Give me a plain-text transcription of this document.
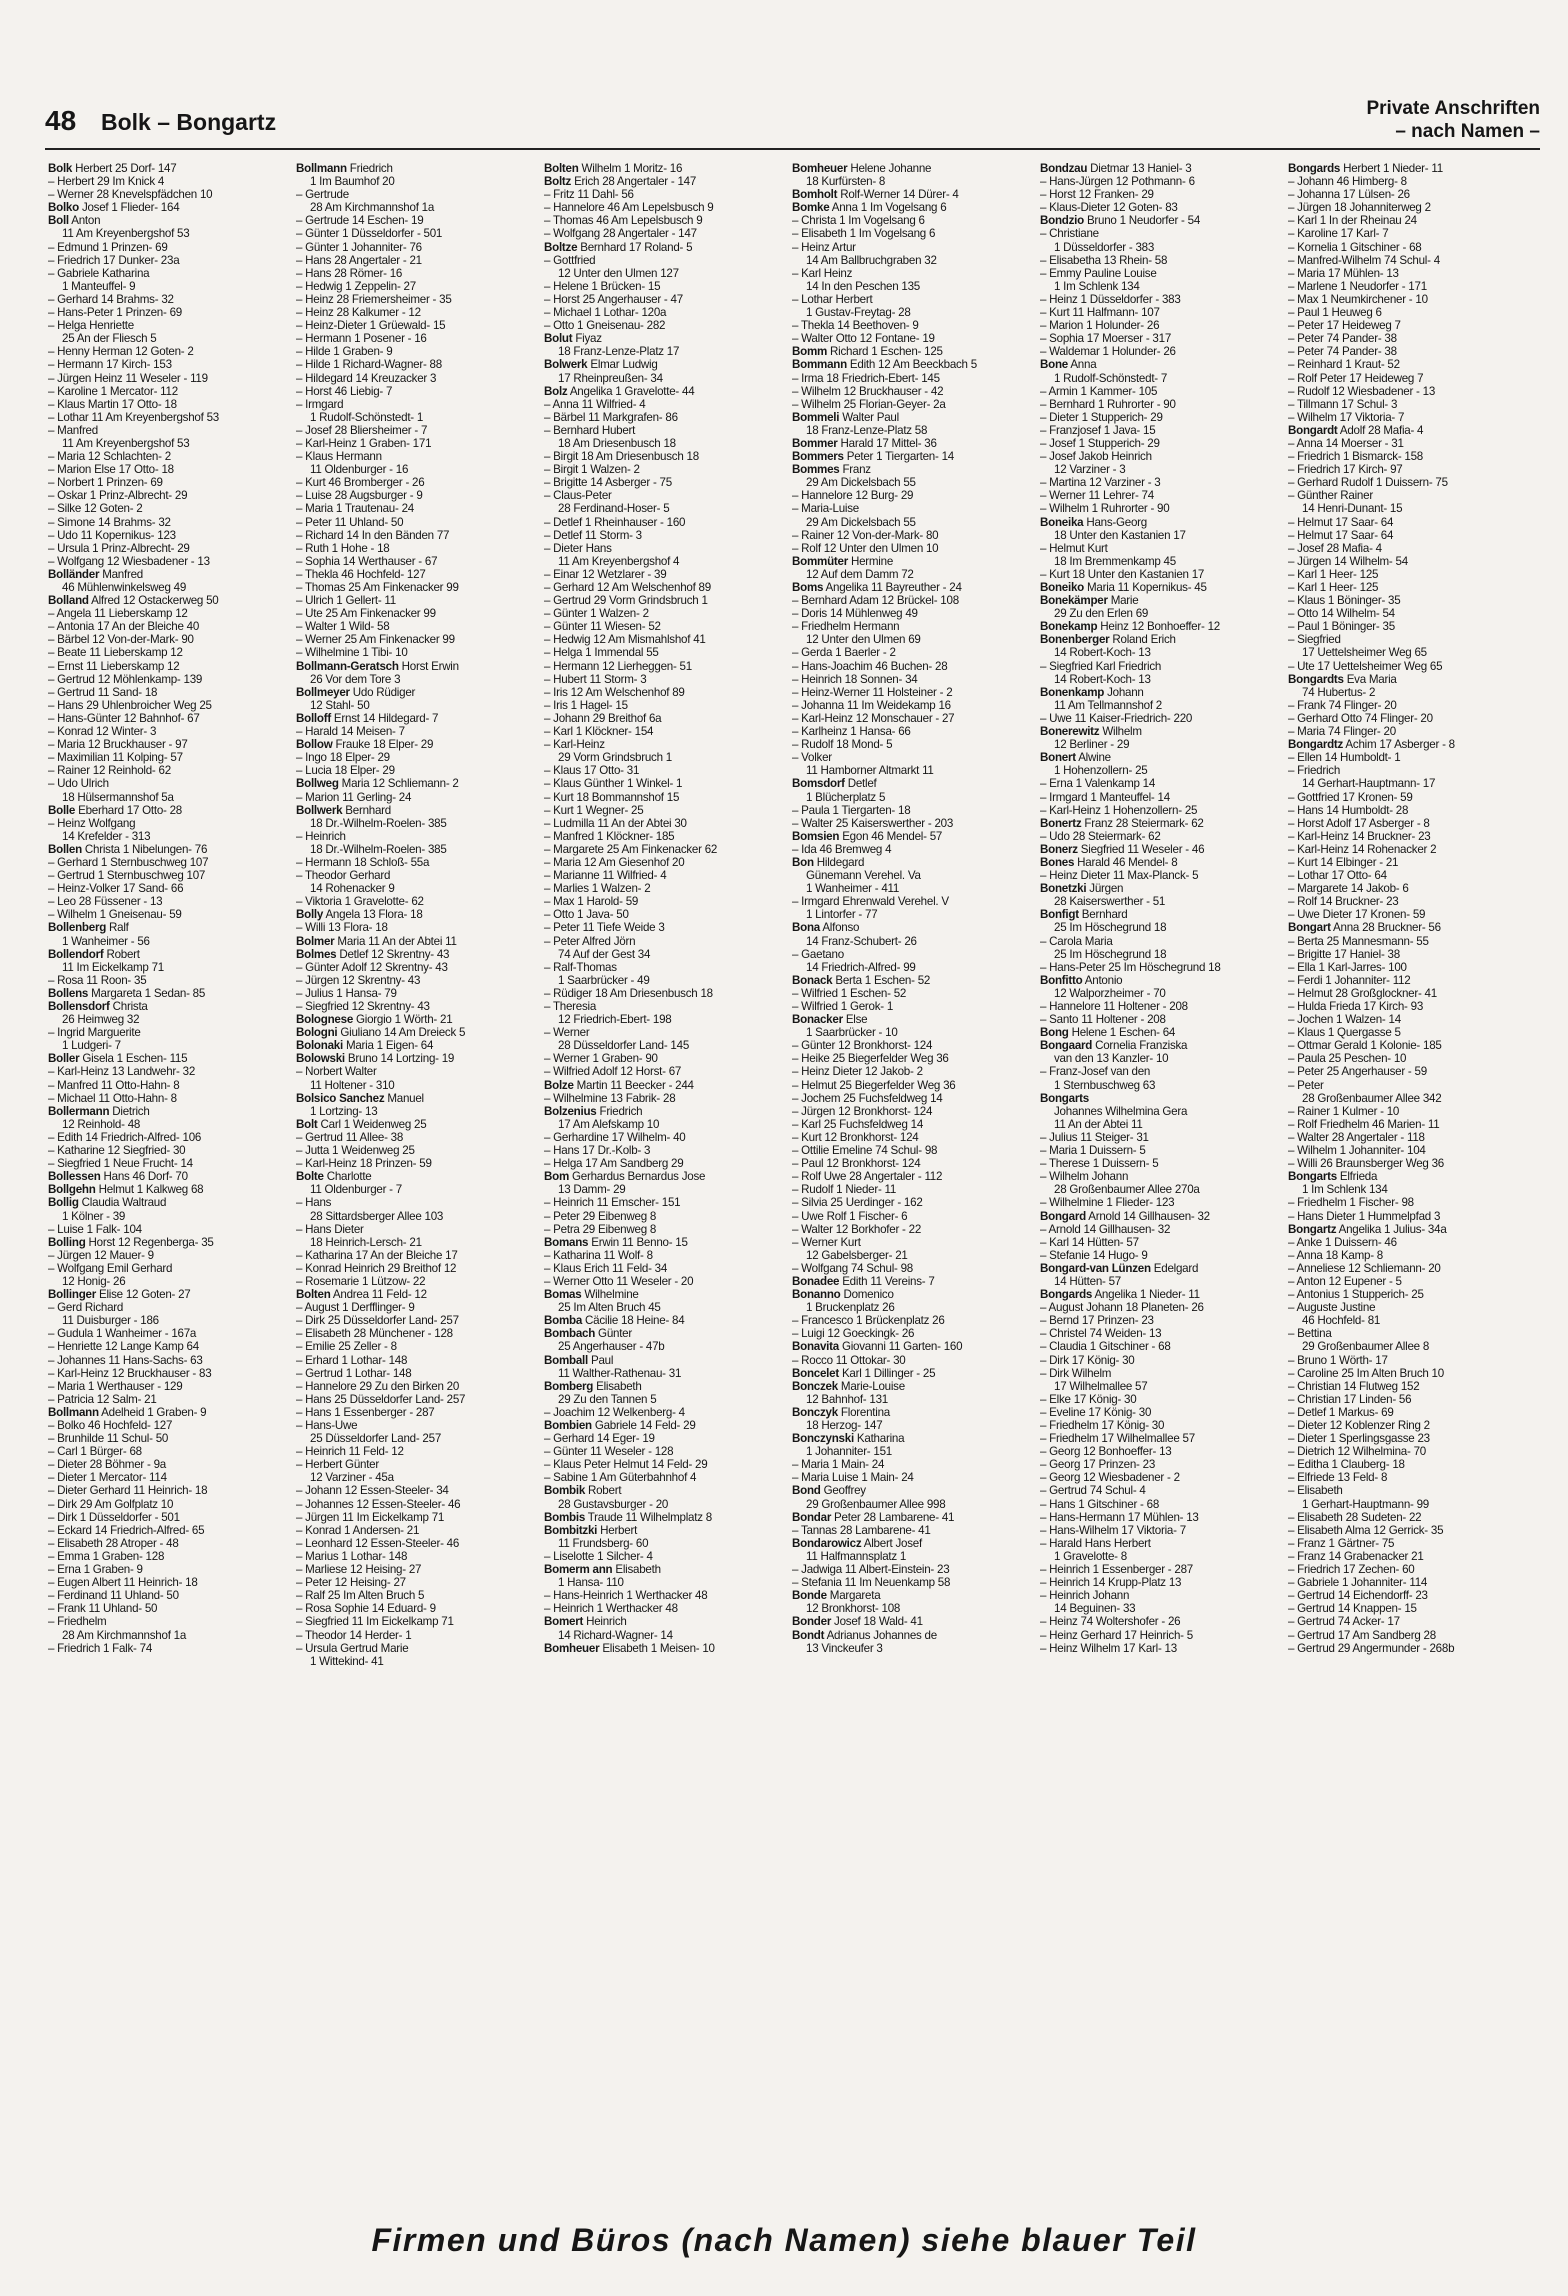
48 Bolk – Bongartz
Private Anschriften
– nach Namen –

Bolk Herbert 25 Dorf- 147

– Herbert 29 Im Knick 4

– Werner 28 Knevelspfädchen 10

Bolko Josef 1 Flieder- 164

Boll Anton

11 Am Kreyenbergshof 53

– Edmund 1 Prinzen- 69

– Friedrich 17 Dunker- 23a

– Gabriele Katharina

1 Manteuffel- 9

– Gerhard 14 Brahms- 32

– Hans-Peter 1 Prinzen- 69

– Helga Henriette

25 An der Fliesch 5

– Henny Herman 12 Goten- 2

– Hermann 17 Kirch- 153

– Jürgen Heinz 11 Weseler - 119

– Karoline 1 Mercator- 112

– Klaus Martin 17 Otto- 18

– Lothar 11 Am Kreyenbergshof 53

– Manfred

11 Am Kreyenbergshof 53

– Maria 12 Schlachten- 2

– Marion Else 17 Otto- 18

– Norbert 1 Prinzen- 69

– Oskar 1 Prinz-Albrecht- 29

– Silke 12 Goten- 2

– Simone 14 Brahms- 32

– Udo 11 Kopernikus- 123

– Ursula 1 Prinz-Albrecht- 29

– Wolfgang 12 Wiesbadener - 13

Bolländer Manfred

46 Mühlenwinkelsweg 49

Bolland Alfred 12 Ostackerweg 50

– Angela 11 Lieberskamp 12

– Antonia 17 An der Bleiche 40

– Bärbel 12 Von-der-Mark- 90

– Beate 11 Lieberskamp 12

– Ernst 11 Lieberskamp 12

– Gertrud 12 Möhlenkamp- 139

– Gertrud 11 Sand- 18

– Hans 29 Uhlenbroicher Weg 25

– Hans-Günter 12 Bahnhof- 67

– Konrad 12 Winter- 3

– Maria 12 Bruckhauser - 97

– Maximilian 11 Kolping- 57

– Rainer 12 Reinhold- 62

– Udo Ulrich

18 Hülsermannshof 5a

Bolle Eberhard 17 Otto- 28

– Heinz Wolfgang

14 Krefelder - 313

Bollen Christa 1 Nibelungen- 76

– Gerhard 1 Sternbuschweg 107

– Gertrud 1 Sternbuschweg 107

– Heinz-Volker 17 Sand- 66

– Leo 28 Füssener - 13

– Wilhelm 1 Gneisenau- 59

Bollenberg Ralf

1 Wanheimer - 56

Bollendorf Robert

11 Im Eickelkamp 71

– Rosa 11 Roon- 35

Bollens Margareta 1 Sedan- 85

Bollensdorf Christa

26 Heimweg 32

– Ingrid Marguerite

1 Ludgeri- 7

Boller Gisela 1 Eschen- 115

– Karl-Heinz 13 Landwehr- 32

– Manfred 11 Otto-Hahn- 8

– Michael 11 Otto-Hahn- 8

Bollermann Dietrich

12 Reinhold- 48

– Edith 14 Friedrich-Alfred- 106

– Katharine 12 Siegfried- 30

– Siegfried 1 Neue Frucht- 14

Bollessen Hans 46 Dorf- 70

Bollgehn Helmut 1 Kalkweg 68

Bollig Claudia Waltraud

1 Kölner - 39

– Luise 1 Falk- 104

Bolling Horst 12 Regenberga- 35

– Jürgen 12 Mauer- 9

– Wolfgang Emil Gerhard

12 Honig- 26

Bollinger Elise 12 Goten- 27

– Gerd Richard

11 Duisburger - 186

– Gudula 1 Wanheimer - 167a

– Henriette 12 Lange Kamp 64

– Johannes 11 Hans-Sachs- 63

– Karl-Heinz 12 Bruckhauser - 83

– Maria 1 Werthauser - 129

– Patricia 12 Salm- 21

Bollmann Adelheid 1 Graben- 9

– Bolko 46 Hochfeld- 127

– Brunhilde 11 Schul- 50

– Carl 1 Bürger- 68

– Dieter 28 Böhmer - 9a

– Dieter 1 Mercator- 114

– Dieter Gerhard 11 Heinrich- 18

– Dirk 29 Am Golfplatz 10

– Dirk 1 Düsseldorfer - 501

– Eckard 14 Friedrich-Alfred- 65

– Elisabeth 28 Atroper - 48

– Emma 1 Graben- 128

– Erna 1 Graben- 9

– Eugen Albert 11 Heinrich- 18

– Ferdinand 11 Uhland- 50

– Frank 11 Uhland- 50

– Friedhelm

28 Am Kirchmannshof 1a

– Friedrich 1 Falk- 74

Bollmann Friedrich

1 Im Baumhof 20

– Gertrude

28 Am Kirchmannshof 1a

– Gertrude 14 Eschen- 19

– Günter 1 Düsseldorfer - 501

– Günter 1 Johanniter- 76

– Hans 28 Angertaler - 21

– Hans 28 Römer- 16

– Hedwig 1 Zeppelin- 27

– Heinz 28 Friemersheimer - 35

– Heinz 28 Kalkumer - 12

– Heinz-Dieter 1 Grüewald- 15

– Hermann 1 Posener - 16

– Hilde 1 Graben- 9

– Hilde 1 Richard-Wagner- 88

– Hildegard 14 Kreuzacker 3

– Horst 46 Liebig- 7

– Irmgard

1 Rudolf-Schönstedt- 1

– Josef 28 Bliersheimer - 7

– Karl-Heinz 1 Graben- 171

– Klaus Hermann

11 Oldenburger - 16

– Kurt 46 Bromberger - 26

– Luise 28 Augsburger - 9

– Maria 1 Trautenau- 24

– Peter 11 Uhland- 50

– Richard 14 In den Bänden 77

– Ruth 1 Hohe - 18

– Sophia 14 Werthauser - 67

– Thekla 46 Hochfeld- 127

– Thomas 25 Am Finkenacker 99

– Ulrich 1 Gellert- 11

– Ute 25 Am Finkenacker 99

– Walter 1 Wild- 58

– Werner 25 Am Finkenacker 99

– Wilhelmine 1 Tibi- 10

Bollmann-Geratsch Horst Erwin

26 Vor dem Tore 3

Bollmeyer Udo Rüdiger

12 Stahl- 50

Bolloff Ernst 14 Hildegard- 7

– Harald 14 Meisen- 7

Bollow Frauke 18 Elper- 29

– Ingo 18 Elper- 29

– Lucia 18 Elper- 29

Bollweg Maria 12 Schliemann- 2

– Marion 11 Gerling- 24

Bollwerk Bernhard

18 Dr.-Wilhelm-Roelen- 385

– Heinrich

18 Dr.-Wilhelm-Roelen- 385

– Hermann 18 Schloß- 55a

– Theodor Gerhard

14 Rohenacker 9

– Viktoria 1 Gravelotte- 62

Bolly Angela 13 Flora- 18

– Willi 13 Flora- 18

Bolmer Maria 11 An der Abtei 11

Bolmes Detlef 12 Skrentny- 43

– Günter Adolf 12 Skrentny- 43

– Jürgen 12 Skrentny- 43

– Julius 1 Hansa- 79

– Siegfried 12 Skrentny- 43

Bolognese Giorgio 1 Wörth- 21

Bologni Giuliano 14 Am Dreieck 5

Bolonaki Maria 1 Eigen- 64

Bolowski Bruno 14 Lortzing- 19

– Norbert Walter

11 Holtener - 310

Bolsico Sanchez Manuel

1 Lortzing- 13

Bolt Carl 1 Weidenweg 25

– Gertrud 11 Allee- 38

– Jutta 1 Weidenweg 25

– Karl-Heinz 18 Prinzen- 59

Bolte Charlotte

11 Oldenburger - 7

– Hans

28 Sittardsberger Allee 103

– Hans Dieter

18 Heinrich-Lersch- 21

– Katharina 17 An der Bleiche 17

– Konrad Heinrich 29 Breithof 12

– Rosemarie 1 Lützow- 22

Bolten Andrea 11 Feld- 12

– August 1 Derfflinger- 9

– Dirk 25 Düsseldorfer Land- 257

– Elisabeth 28 Münchener - 128

– Emilie 25 Zeller - 8

– Erhard 1 Lothar- 148

– Gertrud 1 Lothar- 148

– Hannelore 29 Zu den Birken 20

– Hans 25 Düsseldorfer Land- 257

– Hans 1 Essenberger - 287

– Hans-Uwe

25 Düsseldorfer Land- 257

– Heinrich 11 Feld- 12

– Herbert Günter

12 Varziner - 45a

– Johann 12 Essen-Steeler- 34

– Johannes 12 Essen-Steeler- 46

– Jürgen 11 Im Eickelkamp 71

– Konrad 1 Andersen- 21

– Leonhard 12 Essen-Steeler- 46

– Marius 1 Lothar- 148

– Marliese 12 Heising- 27

– Peter 12 Heising- 27

– Ralf 25 Im Alten Bruch 5

– Rosa Sophie 14 Eduard- 9

– Siegfried 11 Im Eickelkamp 71

– Theodor 14 Herder- 1

– Ursula Gertrud Marie

1 Wittekind- 41

Bolten Wilhelm 1 Moritz- 16

Boltz Erich 28 Angertaler - 147

– Fritz 11 Dahl- 56

– Hannelore 46 Am Lepelsbusch 9

– Thomas 46 Am Lepelsbusch 9

– Wolfgang 28 Angertaler - 147

Boltze Bernhard 17 Roland- 5

– Gottfried

12 Unter den Ulmen 127

– Helene 1 Brücken- 15

– Horst 25 Angerhauser - 47

– Michael 1 Lothar- 120a

– Otto 1 Gneisenau- 282

Bolut Fiyaz

18 Franz-Lenze-Platz 17

Bolwerk Elmar Ludwig

17 Rheinpreußen- 34

Bolz Angelika 1 Gravelotte- 44

– Anna 11 Wilfried- 4

– Bärbel 11 Markgrafen- 86

– Bernhard Hubert

18 Am Driesenbusch 18

– Birgit 18 Am Driesenbusch 18

– Birgit 1 Walzen- 2

– Brigitte 14 Asberger - 75

– Claus-Peter

28 Ferdinand-Hoser- 5

– Detlef 1 Rheinhauser - 160

– Detlef 11 Storm- 3

– Dieter Hans

11 Am Kreyenbergshof 4

– Einar 12 Wetzlarer - 39

– Gerhard 12 Am Welschenhof 89

– Gertrud 29 Vorm Grindsbruch 1

– Günter 1 Walzen- 2

– Günter 11 Wiesen- 52

– Hedwig 12 Am Mismahlshof 41

– Helga 1 Immendal 55

– Hermann 12 Lierheggen- 51

– Hubert 11 Storm- 3

– Iris 12 Am Welschenhof 89

– Iris 1 Hagel- 15

– Johann 29 Breithof 6a

– Karl 1 Klöckner- 154

– Karl-Heinz

29 Vorm Grindsbruch 1

– Klaus 17 Otto- 31

– Klaus Günther 1 Winkel- 1

– Kurt 18 Bommannshof 15

– Kurt 1 Wegner- 25

– Ludmilla 11 An der Abtei 30

– Manfred 1 Klöckner- 185

– Margarete 25 Am Finkenacker 62

– Maria 12 Am Giesenhof 20

– Marianne 11 Wilfried- 4

– Marlies 1 Walzen- 2

– Max 1 Harold- 59

– Otto 1 Java- 50

– Peter 11 Tiefe Weide 3

– Peter Alfred Jörn

74 Auf der Gest 34

– Ralf-Thomas

1 Saarbrücker - 49

– Rüdiger 18 Am Driesenbusch 18

– Theresia

12 Friedrich-Ebert- 198

– Werner

28 Düsseldorfer Land- 145

– Werner 1 Graben- 90

– Wilfried Adolf 12 Horst- 67

Bolze Martin 11 Beecker - 244

– Wilhelmine 13 Fabrik- 28

Bolzenius Friedrich

17 Am Alefskamp 10

– Gerhardine 17 Wilhelm- 40

– Hans 17 Dr.-Kolb- 3

– Helga 17 Am Sandberg 29

Bom Gerhardus Bernardus Jose

13 Damm- 29

– Heinrich 11 Emscher- 151

– Peter 29 Eibenweg 8

– Petra 29 Eibenweg 8

Bomans Erwin 11 Benno- 15

– Katharina 11 Wolf- 8

– Klaus Erich 11 Feld- 34

– Werner Otto 11 Weseler - 20

Bomas Wilhelmine

25 Im Alten Bruch 45

Bomba Cäcilie 18 Heine- 84

Bombach Günter

25 Angerhauser - 47b

Bomball Paul

11 Walther-Rathenau- 31

Bomberg Elisabeth

29 Zu den Tannen 5

– Joachim 12 Welkenberg- 4

Bombien Gabriele 14 Feld- 29

– Gerhard 14 Eger- 19

– Günter 11 Weseler - 128

– Klaus Peter Helmut 14 Feld- 29

– Sabine 1 Am Güterbahnhof 4

Bombik Robert

28 Gustavsburger - 20

Bombis Traude 11 Wilhelmplatz 8

Bombitzki Herbert

11 Frundsberg- 60

– Liselotte 1 Silcher- 4

Bomerm ann Elisabeth

1 Hansa- 110

– Hans-Heinrich 1 Werthacker 48

– Heinrich 1 Werthacker 48

Bomert Heinrich

14 Richard-Wagner- 14

Bomheuer Elisabeth 1 Meisen- 10

Bomheuer Helene Johanne

18 Kurfürsten- 8

Bomholt Rolf-Werner 14 Dürer- 4

Bomke Anna 1 Im Vogelsang 6

– Christa 1 Im Vogelsang 6

– Elisabeth 1 Im Vogelsang 6

– Heinz Artur

14 Am Ballbruchgraben 32

– Karl Heinz

14 In den Peschen 135

– Lothar Herbert

1 Gustav-Freytag- 28

– Thekla 14 Beethoven- 9

– Walter Otto 12 Fontane- 19

Bomm Richard 1 Eschen- 125

Bommann Edith 12 Am Beeckbach 5

– Irma 18 Friedrich-Ebert- 145

– Wilhelm 12 Bruckhauser - 42

– Wilhelm 25 Florian-Geyer- 2a

Bommeli Walter Paul

18 Franz-Lenze-Platz 58

Bommer Harald 17 Mittel- 36

Bommers Peter 1 Tiergarten- 14

Bommes Franz

29 Am Dickelsbach 55

– Hannelore 12 Burg- 29

– Maria-Luise

29 Am Dickelsbach 55

– Rainer 12 Von-der-Mark- 80

– Rolf 12 Unter den Ulmen 10

Bommüter Hermine

12 Auf dem Damm 72

Boms Angelika 11 Bayreuther - 24

– Bernhard Adam 12 Brückel- 108

– Doris 14 Mühlenweg 49

– Friedhelm Hermann

12 Unter den Ulmen 69

– Gerda 1 Baerler - 2

– Hans-Joachim 46 Buchen- 28

– Heinrich 18 Sonnen- 34

– Heinz-Werner 11 Holsteiner - 2

– Johanna 11 Im Weidekamp 16

– Karl-Heinz 12 Monschauer - 27

– Karlheinz 1 Hansa- 66

– Rudolf 18 Mond- 5

– Volker

11 Hamborner Altmarkt 11

Bomsdorf Detlef

1 Blücherplatz 5

– Paula 1 Tiergarten- 18

– Walter 25 Kaiserswerther - 203

Bomsien Egon 46 Mendel- 57

– Ida 46 Bremweg 4

Bon Hildegard

Günemann Verehel. Va

1 Wanheimer - 411

– Irmgard Ehrenwald Verehel. V

1 Lintorfer - 77

Bona Alfonso

14 Franz-Schubert- 26

– Gaetano

14 Friedrich-Alfred- 99

Bonack Berta 1 Eschen- 52

– Wilfried 1 Eschen- 52

– Wilfried 1 Gerok- 1

Bonacker Else

1 Saarbrücker - 10

– Günter 12 Bronkhorst- 124

– Heike 25 Biegerfelder Weg 36

– Heinz Dieter 12 Jakob- 2

– Helmut 25 Biegerfelder Weg 36

– Jochem 25 Fuchsfeldweg 14

– Jürgen 12 Bronkhorst- 124

– Karl 25 Fuchsfeldweg 14

– Kurt 12 Bronkhorst- 124

– Ottilie Emeline 74 Schul- 98

– Paul 12 Bronkhorst- 124

– Rolf Uwe 28 Angertaler - 112

– Rudolf 1 Nieder- 11

– Silvia 25 Uerdinger - 162

– Uwe Rolf 1 Fischer- 6

– Walter 12 Borkhofer - 22

– Werner Kurt

12 Gabelsberger- 21

– Wolfgang 74 Schul- 98

Bonadee Edith 11 Vereins- 7

Bonanno Domenico

1 Bruckenplatz 26

– Francesco 1 Brückenplatz 26

– Luigi 12 Goeckingk- 26

Bonavita Giovanni 11 Garten- 160

– Rocco 11 Ottokar- 30

Boncelet Karl 1 Dillinger - 25

Bonczek Marie-Louise

12 Bahnhof- 131

Bonczyk Florentina

18 Herzog- 147

Bonczynski Katharina

1 Johanniter- 151

– Maria 1 Main- 24

– Maria Luise 1 Main- 24

Bond Geoffrey

29 Großenbaumer Allee 998

Bondar Peter 28 Lambarene- 41

– Tannas 28 Lambarene- 41

Bondarowicz Albert Josef

11 Halfmannsplatz 1

– Jadwiga 11 Albert-Einstein- 23

– Stefania 11 Im Neuenkamp 58

Bonde Margareta

12 Bronkhorst- 108

Bonder Josef 18 Wald- 41

Bondt Adrianus Johannes de

13 Vinckeufer 3

Bondzau Dietmar 13 Haniel- 3

– Hans-Jürgen 12 Pothmann- 6

– Horst 12 Franken- 29

– Klaus-Dieter 12 Goten- 83

Bondzio Bruno 1 Neudorfer - 54

– Christiane

1 Düsseldorfer - 383

– Elisabetha 13 Rhein- 58

– Emmy Pauline Louise

1 Im Schlenk 134

– Heinz 1 Düsseldorfer - 383

– Kurt 11 Halfmann- 107

– Marion 1 Holunder- 26

– Sophia 17 Moerser - 317

– Waldemar 1 Holunder- 26

Bone Anna

1 Rudolf-Schönstedt- 7

– Armin 1 Kammer- 105

– Bernhard 1 Ruhrorter - 90

– Dieter 1 Stupperich- 29

– Franzjosef 1 Java- 15

– Josef 1 Stupperich- 29

– Josef Jakob Heinrich

12 Varziner - 3

– Martina 12 Varziner - 3

– Werner 11 Lehrer- 74

– Wilhelm 1 Ruhrorter - 90

Boneika Hans-Georg

18 Unter den Kastanien 17

– Helmut Kurt

18 Im Bremmenkamp 45

– Kurt 18 Unter den Kastanien 17

Boneiko Maria 11 Kopernikus- 45

Bonekämper Marie

29 Zu den Erlen 69

Bonekamp Heinz 12 Bonhoeffer- 12

Bonenberger Roland Erich

14 Robert-Koch- 13

– Siegfried Karl Friedrich

14 Robert-Koch- 13

Bonenkamp Johann

11 Am Tellmannshof 2

– Uwe 11 Kaiser-Friedrich- 220

Bonerewitz Wilhelm

12 Berliner - 29

Bonert Alwine

1 Hohenzollern- 25

– Erna 1 Valenkamp 14

– Irmgard 1 Manteuffel- 14

– Karl-Heinz 1 Hohenzollern- 25

Bonertz Franz 28 Steiermark- 62

– Udo 28 Steiermark- 62

Bonerz Siegfried 11 Weseler - 46

Bones Harald 46 Mendel- 8

– Heinz Dieter 11 Max-Planck- 5

Bonetzki Jürgen

28 Kaiserswerther - 51

Bonfigt Bernhard

25 Im Höschegrund 18

– Carola Maria

25 Im Höschegrund 18

– Hans-Peter 25 Im Höschegrund 18

Bonfitto Antonio

12 Walporzheimer - 70

– Hannelore 11 Holtener - 208

– Santo 11 Holtener - 208

Bong Helene 1 Eschen- 64

Bongaard Cornelia Franziska

van den 13 Kanzler- 10

– Franz-Josef van den

1 Sternbuschweg 63

Bongarts

Johannes Wilhelmina Gera

11 An der Abtei 11

– Julius 11 Steiger- 31

– Maria 1 Duissern- 5

– Therese 1 Duissern- 5

– Wilhelm Johann

28 Großenbaumer Allee 270a

– Wilhelmine 1 Flieder- 123

Bongard Arnold 14 Gillhausen- 32

– Arnold 14 Gillhausen- 32

– Karl 14 Hütten- 57

– Stefanie 14 Hugo- 9

Bongard-van Lünzen Edelgard

14 Hütten- 57

Bongards Angelika 1 Nieder- 11

– August Johann 18 Planeten- 26

– Bernd 17 Prinzen- 23

– Christel 74 Weiden- 13

– Claudia 1 Gitschiner - 68

– Dirk 17 König- 30

– Dirk Wilhelm

17 Wilhelmallee 57

– Elke 17 König- 30

– Eveline 17 König- 30

– Friedhelm 17 König- 30

– Friedhelm 17 Wilhelmallee 57

– Georg 12 Bonhoeffer- 13

– Georg 17 Prinzen- 23

– Georg 12 Wiesbadener - 2

– Gertrud 74 Schul- 4

– Hans 1 Gitschiner - 68

– Hans-Hermann 17 Mühlen- 13

– Hans-Wilhelm 17 Viktoria- 7

– Harald Hans Herbert

1 Gravelotte- 8

– Heinrich 1 Essenberger - 287

– Heinrich 14 Krupp-Platz 13

– Heinrich Johann

14 Beguinen- 33

– Heinz 74 Woltershofer - 26

– Heinz Gerhard 17 Heinrich- 5

– Heinz Wilhelm 17 Karl- 13

Bongards Herbert 1 Nieder- 11

– Johann 46 Himberg- 8

– Johanna 17 Lülsen- 26

– Jürgen 18 Johanniterweg 2

– Karl 1 In der Rheinau 24

– Karoline 17 Karl- 7

– Kornelia 1 Gitschiner - 68

– Manfred-Wilhelm 74 Schul- 4

– Maria 17 Mühlen- 13

– Marlene 1 Neudorfer - 171

– Max 1 Neumkirchener - 10

– Paul 1 Heuweg 6

– Peter 17 Heideweg 7

– Peter 74 Pander- 38

– Peter 74 Pander- 38

– Reinhard 1 Kraut- 52

– Rolf Peter 17 Heideweg 7

– Rudolf 12 Wiesbadener - 13

– Tillmann 17 Schul- 3

– Wilhelm 17 Viktoria- 7

Bongardt Adolf 28 Mafia- 4

– Anna 14 Moerser - 31

– Friedrich 1 Bismarck- 158

– Friedrich 17 Kirch- 97

– Gerhard Rudolf 1 Duissern- 75

– Günther Rainer

14 Henri-Dunant- 15

– Helmut 17 Saar- 64

– Helmut 17 Saar- 64

– Josef 28 Mafia- 4

– Jürgen 14 Wilhelm- 54

– Karl 1 Heer- 125

– Karl 1 Heer- 125

– Klaus 1 Böninger- 35

– Otto 14 Wilhelm- 54

– Paul 1 Böninger- 35

– Siegfried

17 Uettelsheimer Weg 65

– Ute 17 Uettelsheimer Weg 65

Bongardts Eva Maria

74 Hubertus- 2

– Frank 74 Flinger- 20

– Gerhard Otto 74 Flinger- 20

– Maria 74 Flinger- 20

Bongardtz Achim 17 Asberger - 8

– Ellen 14 Humboldt- 1

– Friedrich

14 Gerhart-Hauptmann- 17

– Gottfried 17 Kronen- 59

– Hans 14 Humboldt- 28

– Horst Adolf 17 Asberger - 8

– Karl-Heinz 14 Bruckner- 23

– Karl-Heinz 14 Rohenacker 2

– Kurt 14 Elbinger - 21

– Lothar 17 Otto- 64

– Margarete 14 Jakob- 6

– Rolf 14 Bruckner- 23

– Uwe Dieter 17 Kronen- 59

Bongart Anna 28 Bruckner- 56

– Berta 25 Mannesmann- 55

– Brigitte 17 Haniel- 38

– Ella 1 Karl-Jarres- 100

– Ferdi 1 Johanniter- 112

– Helmut 28 Großglockner- 41

– Hulda Frieda 17 Kirch- 93

– Jochen 1 Walzen- 14

– Klaus 1 Quergasse 5

– Ottmar Gerald 1 Kolonie- 185

– Paula 25 Peschen- 10

– Peter 25 Angerhauser - 59

– Peter

28 Großenbaumer Allee 342

– Rainer 1 Kulmer - 10

– Rolf Friedhelm 46 Marien- 11

– Walter 28 Angertaler - 118

– Wilhelm 1 Johanniter- 104

– Willi 26 Braunsberger Weg 36

Bongarts Elfrieda

1 Im Schlenk 134

– Friedhelm 1 Fischer- 98

– Hans Dieter 1 Hummelpfad 3

Bongartz Angelika 1 Julius- 34a

– Anke 1 Duissern- 46

– Anna 18 Kamp- 8

– Anneliese 12 Schliemann- 20

– Anton 12 Eupener - 5

– Antonius 1 Stupperich- 25

– Auguste Justine

46 Hochfeld- 81

– Bettina

29 Großenbaumer Allee 8

– Bruno 1 Wörth- 17

– Caroline 25 Im Alten Bruch 10

– Christian 14 Flutweg 152

– Christian 17 Linden- 56

– Detlef 1 Markus- 69

– Dieter 12 Koblenzer Ring 2

– Dieter 1 Sperlingsgasse 23

– Dietrich 12 Wilhelmina- 70

– Editha 1 Clauberg- 18

– Elfriede 13 Feld- 8

– Elisabeth

1 Gerhart-Hauptmann- 99

– Elisabeth 28 Sudeten- 22

– Elisabeth Alma 12 Gerrick- 35

– Franz 1 Gärtner- 75

– Franz 14 Grabenacker 21

– Friedrich 17 Zechen- 60

– Gabriele 1 Johanniter- 114

– Gertrud 14 Eichendorff- 23

– Gertrud 14 Knappen- 15

– Gertrud 74 Acker- 17

– Gertrud 17 Am Sandberg 28

– Gertrud 29 Angermunder - 268b

Firmen und Büros (nach Namen) siehe blauer Teil
